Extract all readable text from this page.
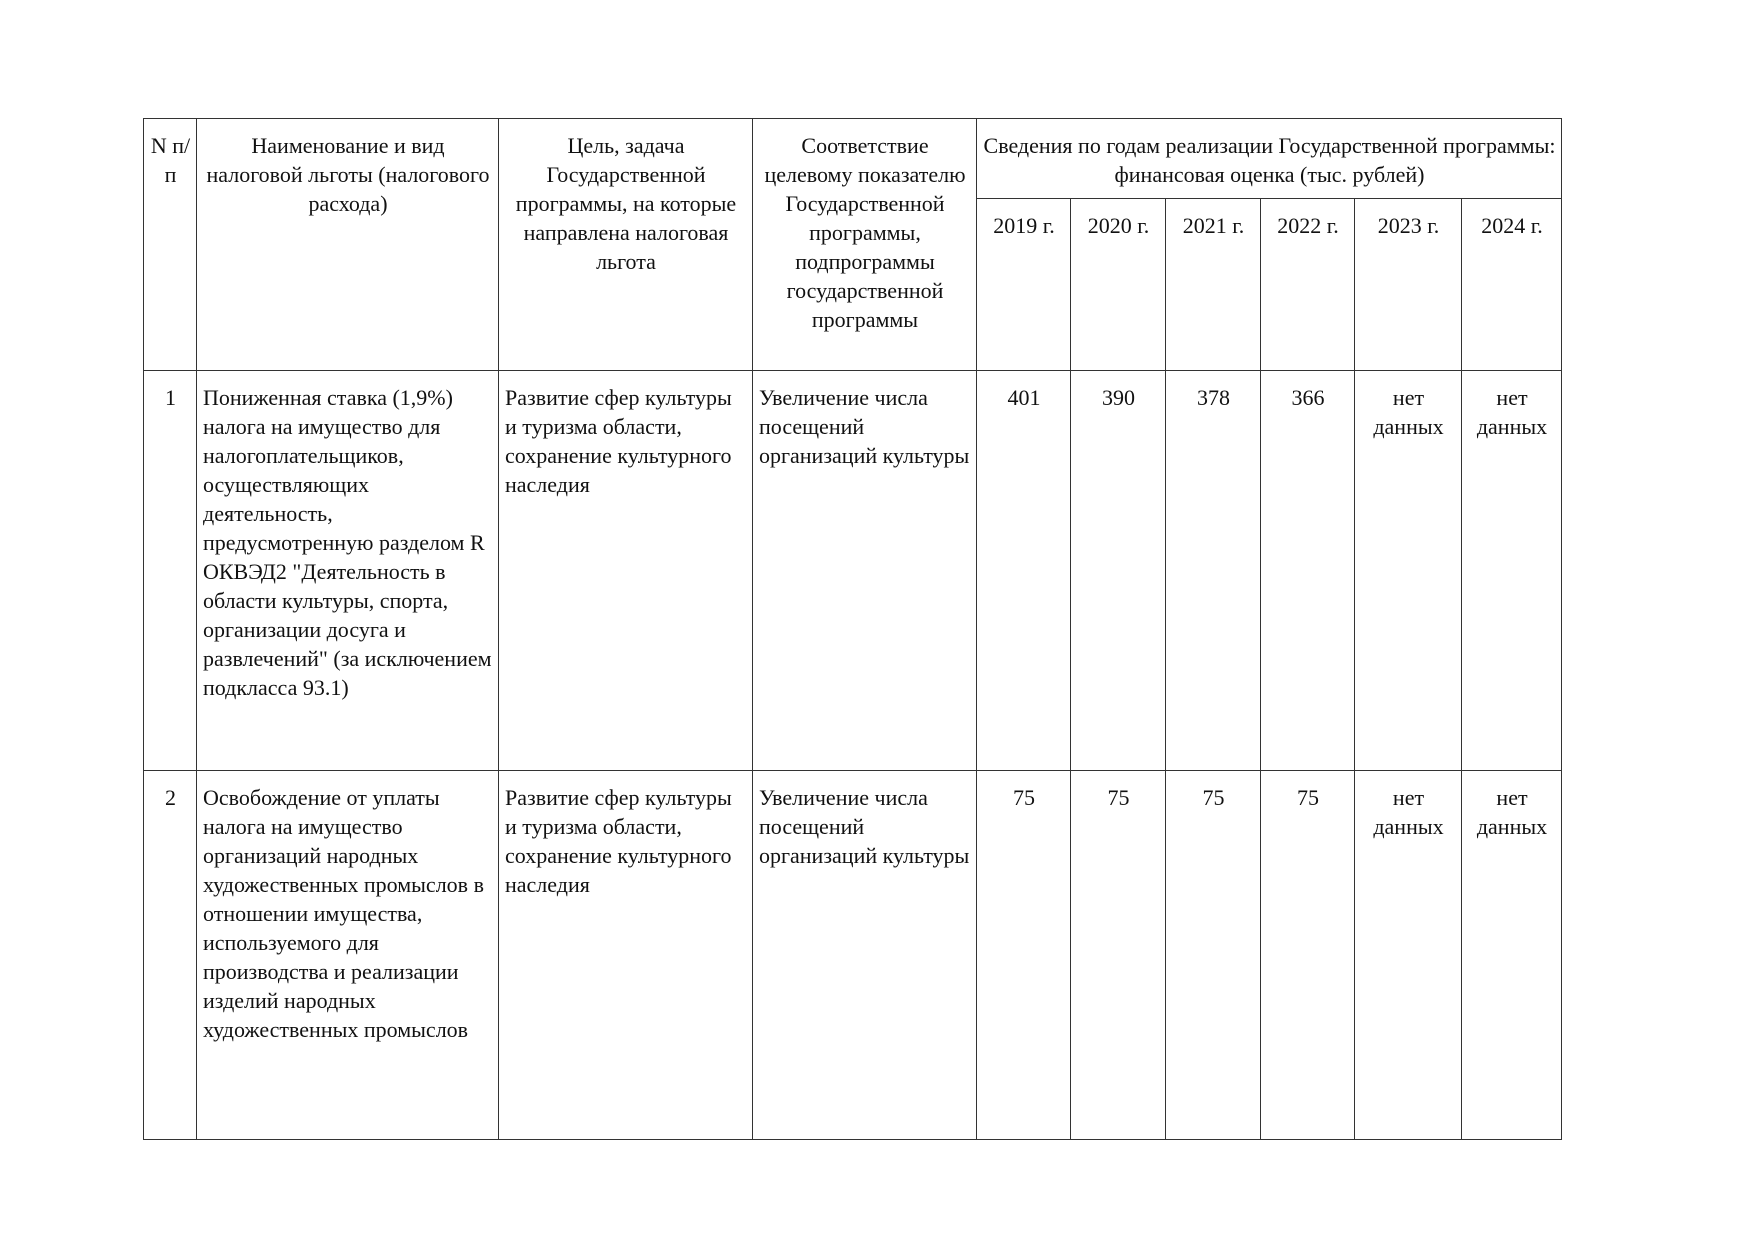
N п/п	Наименование и вид налоговой льготы (налогового расхода)	Цель, задача Государственной программы, на которые направлена налоговая льгота	Соответствие целевому показателю Государственной программы, подпрограммы государственной программы	Сведения по годам реализации Государственной программы: финансовая оценка (тыс. рублей)					
				2019 г.	2020 г.	2021 г.	2022 г.	2023 г.	2024 г.
1	Пониженная ставка (1,9%) налога на имущество для налогоплательщиков, осуществляющих деятельность, предусмотренную разделом R ОКВЭД2 "Деятельность в области культуры, спорта, организации досуга и развлечений" (за исключением подкласса 93.1)	Развитие сфер культуры и туризма области, сохранение культурного наследия	Увеличение числа посещений организаций культуры	401	390	378	366	нет данных	нет данных
2	Освобождение от уплаты налога на имущество организаций народных художественных промыслов в отношении имущества, используемого для производства и реализации изделий народных художественных промыслов	Развитие сфер культуры и туризма области, сохранение культурного наследия	Увеличение числа посещений организаций культуры	75	75	75	75	нет данных	нет данных
